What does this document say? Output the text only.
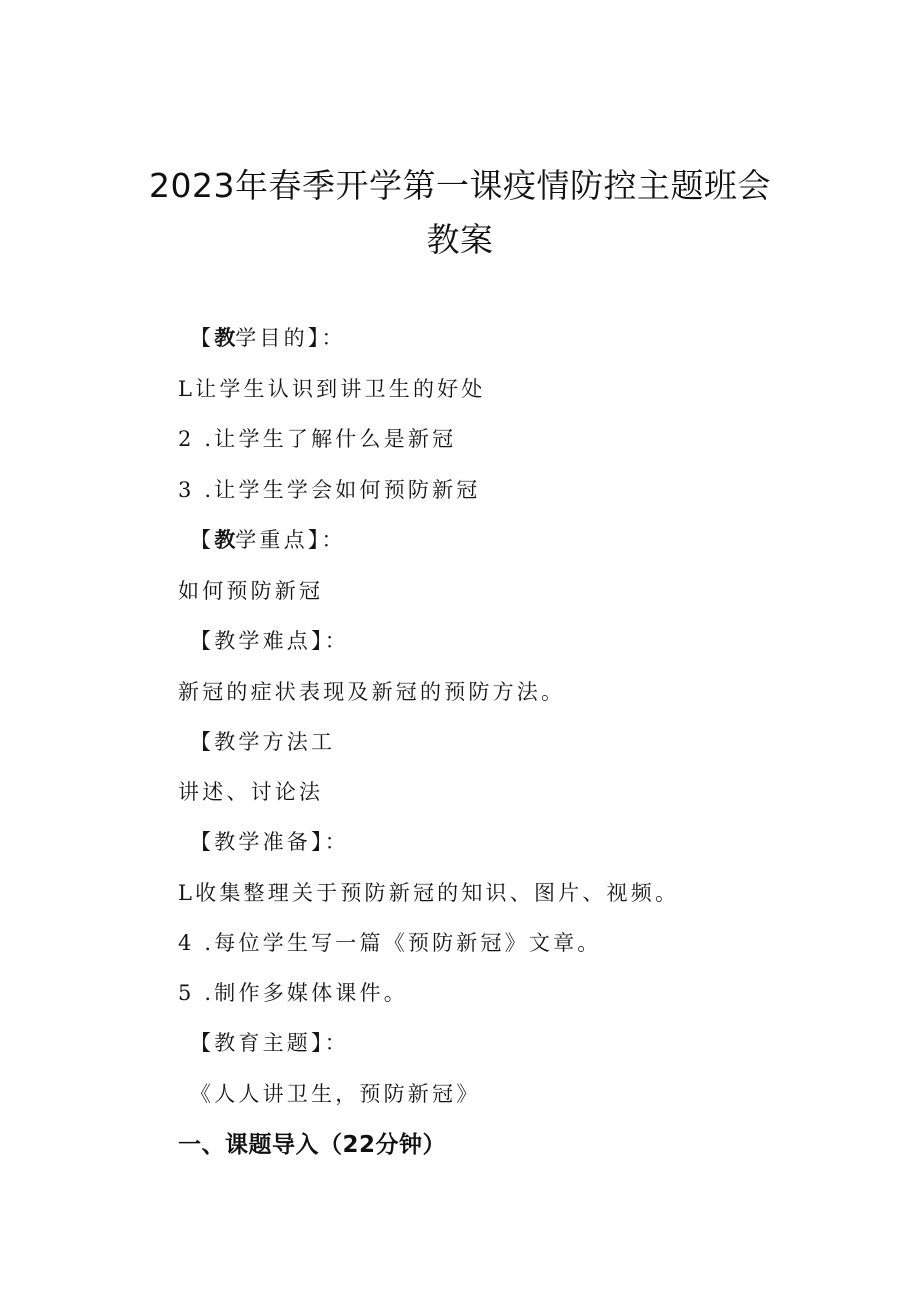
2023年春季开学第一课疫情防控主题班会
教案

【教学目的】：

L让学生认识到讲卫生的好处

2 .让学生了解什么是新冠

3 .让学生学会如何预防新冠

【教学重点】：

如何预防新冠

【教学难点】：

新冠的症状表现及新冠的预防方法。

【教学方法工

讲述、讨论法

【教学准备】：

L收集整理关于预防新冠的知识、图片、视频。

4 .每位学生写一篇《预防新冠》文章。

5 .制作多媒体课件。

【教育主题】：

《人人讲卫生，预防新冠》

一、课题导入（22分钟）
